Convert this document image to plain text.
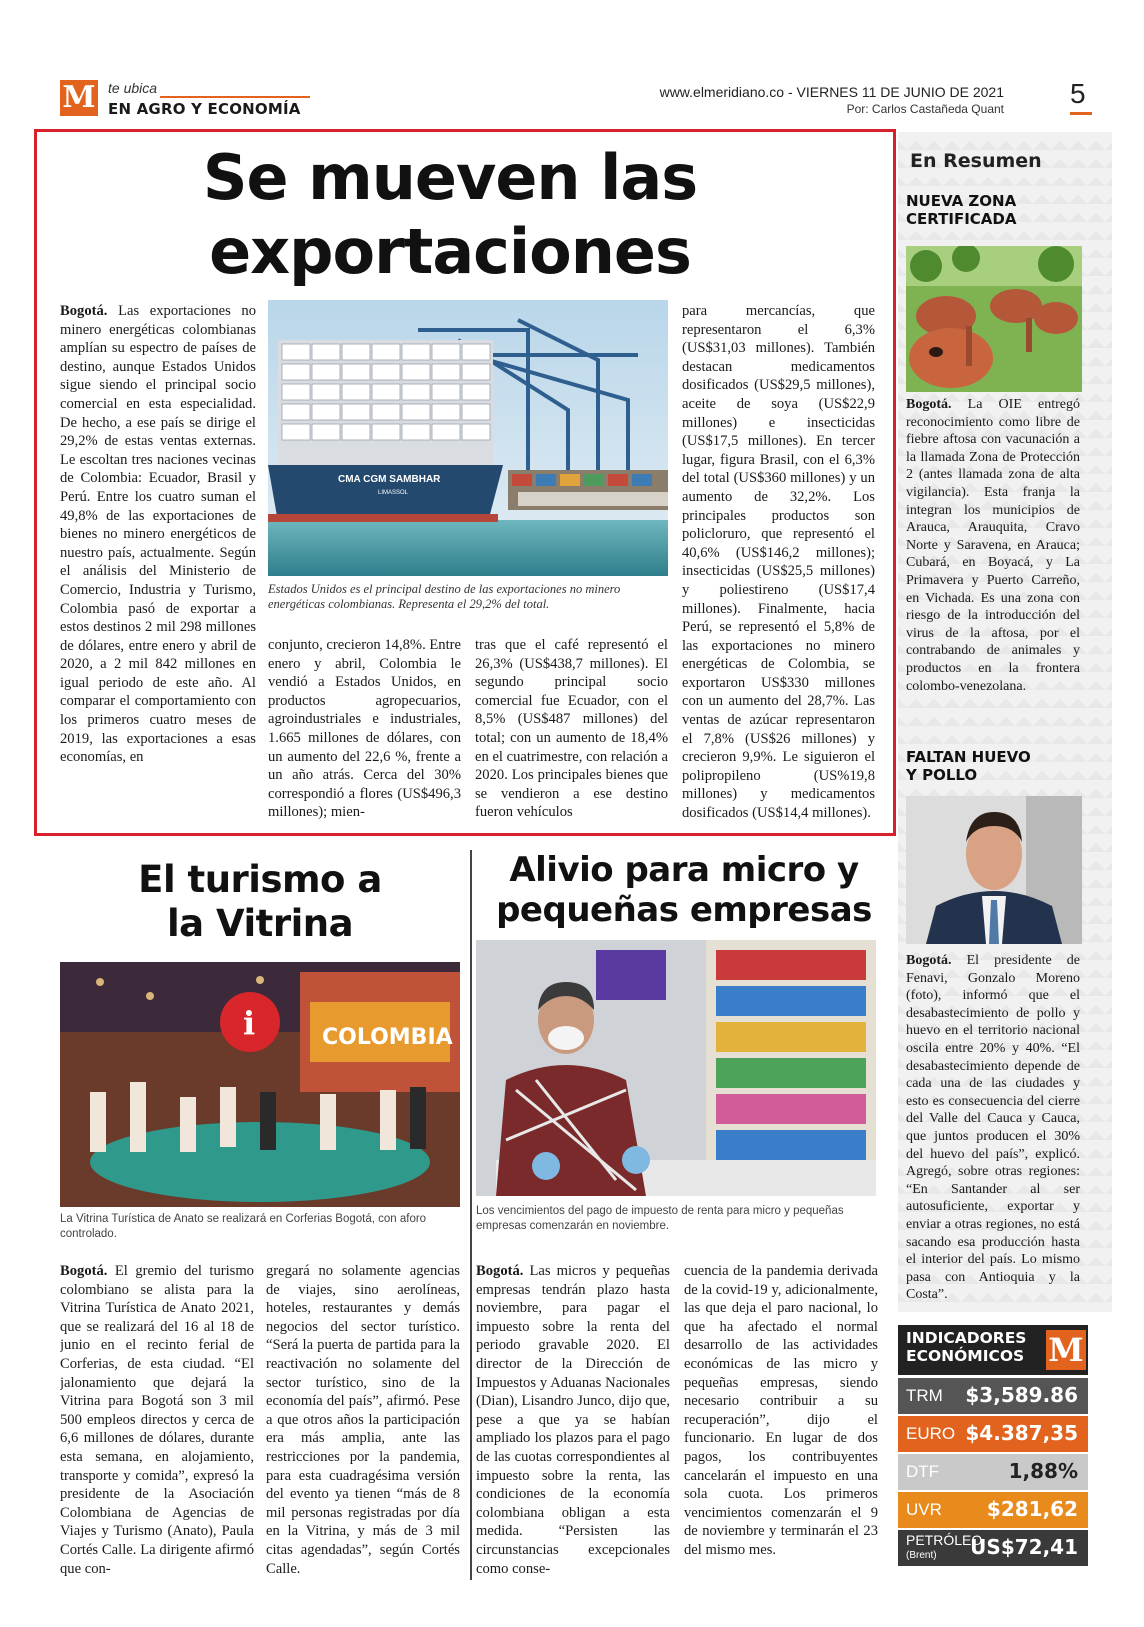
M te ubica
EN AGRO Y ECONOMÍA
www.elmeridiano.co - VIERNES 11 DE JUNIO DE 2021
Por: Carlos Castañeda Quant 5
Se mueven las
exportaciones
Bogotá. Las exportaciones no minero energéticas colombianas amplían su espectro de países de destino, aunque Estados Unidos sigue siendo el principal socio comercial en esta especialidad. De hecho, a ese país se dirige el 29,2% de estas ventas externas. Le escoltan tres naciones vecinas de Colombia: Ecuador, Brasil y Perú. Entre los cuatro suman el 49,8% de las exportaciones de bienes no minero energéticos de nuestro país, actualmente. Según el análisis del Ministerio de Comercio, Industria y Turismo, Colombia pasó de exportar a estos destinos 2 mil 298 millones de dólares, entre enero y abril de 2020, a 2 mil 842 millones en igual periodo de este año. Al comparar el comportamiento con los primeros cuatro meses de 2019, las exportaciones a esas economías, en
CMA CGM SAMBHAR
LIMASSOL
Estados Unidos es el principal destino de las exportaciones no minero energéticas colombianas. Representa el 29,2% del total.
conjunto, crecieron 14,8%. Entre enero y abril, Colombia le vendió a Estados Unidos, en productos agropecuarios, agroindustriales e industriales, 1.665 millones de dólares, con un aumento del 22,6 %, frente a un año atrás. Cerca del 30% correspondió a flores (US$496,3 millones); mien-
tras que el café representó el 26,3% (US$438,7 millones). El segundo principal socio comercial fue Ecuador, con el 8,5% (US$487 millones) del total; con un aumento de 18,4% en el cuatrimestre, con relación a 2020. Los principales bienes que se vendieron a ese destino fueron vehículos
para mercancías, que representaron el 6,3% (US$31,03 millones). También destacan medicamentos dosificados (US$29,5 millones), aceite de soya (US$22,9 millones) e insecticidas (US$17,5 millones). En tercer lugar, figura Brasil, con el 6,3% del total (US$360 millones) y un aumento de 32,2%. Los principales productos son policloruro, que representó el 40,6% (US$146,2 millones); insecticidas (US$25,5 millones) y poliestireno (US$17,4 millones). Finalmente, hacia Perú, se representó el 5,8% de las exportaciones no minero energéticas de Colombia, se exportaron US$330 millones con un aumento del 28,7%. Las ventas de azúcar representaron el 7,8% (US$26 millones) y crecieron 9,9%. Le siguieron el polipropileno (US%19,8 millones) y medicamentos dosificados (US$14,4 millones).
En Resumen
NUEVA ZONA
CERTIFICADA
Bogotá. La OIE entregó reconocimiento como libre de fiebre aftosa con vacunación a la llamada Zona de Protección 2 (antes llamada zona de alta vigilancia). Esta franja la integran los municipios de Arauca, Arauquita, Cravo Norte y Saravena, en Arauca; Cubará, en Boyacá, y La Primavera y Puerto Carreño, en Vichada. Es una zona con riesgo de la introducción del virus de la aftosa, por el contrabando de animales y productos en la frontera colombo-venezolana.
FALTAN HUEVO
Y POLLO
Bogotá. El presidente de Fenavi, Gonzalo Moreno (foto), informó que el desabastecimiento de pollo y huevo en el territorio nacional oscila entre 20% y 40%. “El desabastecimiento depende de cada una de las ciudades y esto es consecuencia del cierre del Valle del Cauca y Cauca, que juntos producen el 30% del huevo del país”, explicó. Agregó, sobre otras regiones: “En Santander al ser autosuficiente, exportar y enviar a otras regiones, no está sacando esa producción hasta el interior del país. Lo mismo pasa con Antioquia y la Costa”.
INDICADORES
ECONÓMICOS M
TRM $3,589.86
EURO $4.387,35
DTF	1,88%
UVR $281,62
PETRÓLEO
(Brent) US$72,41
El turismo a
la Vitrina
COLOMBIA
i
La Vitrina Turística de Anato se realizará en Corferias Bogotá, con aforo controlado.
Bogotá. El gremio del turismo colombiano se alista para la Vitrina Turística de Anato 2021, que se realizará del 16 al 18 de junio en el recinto ferial de Corferias, de esta ciudad. “El jalonamiento que dejará la Vitrina para Bogotá son 3 mil 500 empleos directos y cerca de 6,6 millones de dólares, durante esta semana, en alojamiento, transporte y comida”, expresó la presidente de la Asociación Colombiana de Agencias de Viajes y Turismo (Anato), Paula Cortés Calle. La dirigente afirmó que con-
gregará no solamente agencias de viajes, sino aerolíneas, hoteles, restaurantes y demás negocios del sector turístico. “Será la puerta de partida para la reactivación no solamente del sector turístico, sino de la economía del país”, afirmó. Pese a que otros años la participación era más amplia, ante las restricciones por la pandemia, para esta cuadragésima versión del evento ya tienen “más de 8 mil personas registradas por día en la Vitrina, y más de 3 mil citas agendadas”, según Cortés Calle.
Alivio para micro y
pequeñas empresas
Los vencimientos del pago de impuesto de renta para micro y pequeñas empresas comenzarán en noviembre.
Bogotá. Las micros y pequeñas empresas tendrán plazo hasta noviembre, para pagar el impuesto sobre la renta del periodo gravable 2020. El director de la Dirección de Impuestos y Aduanas Nacionales (Dian), Lisandro Junco, dijo que, pese a que ya se habían ampliado los plazos para el pago de las cuotas correspondientes al impuesto sobre la renta, las condiciones de la economía colombiana obligan a esta medida. “Persisten las circunstancias excepcionales como conse-
cuencia de la pandemia derivada de la covid-19 y, adicionalmente, las que deja el paro nacional, lo que ha afectado el normal desarrollo de las actividades económicas de las micro y pequeñas empresas, siendo necesario contribuir a su recuperación”, dijo el funcionario. En lugar de dos pagos, los contribuyentes cancelarán el impuesto en una sola cuota. Los primeros vencimientos comenzarán el 9 de noviembre y terminarán el 23 del mismo mes.
